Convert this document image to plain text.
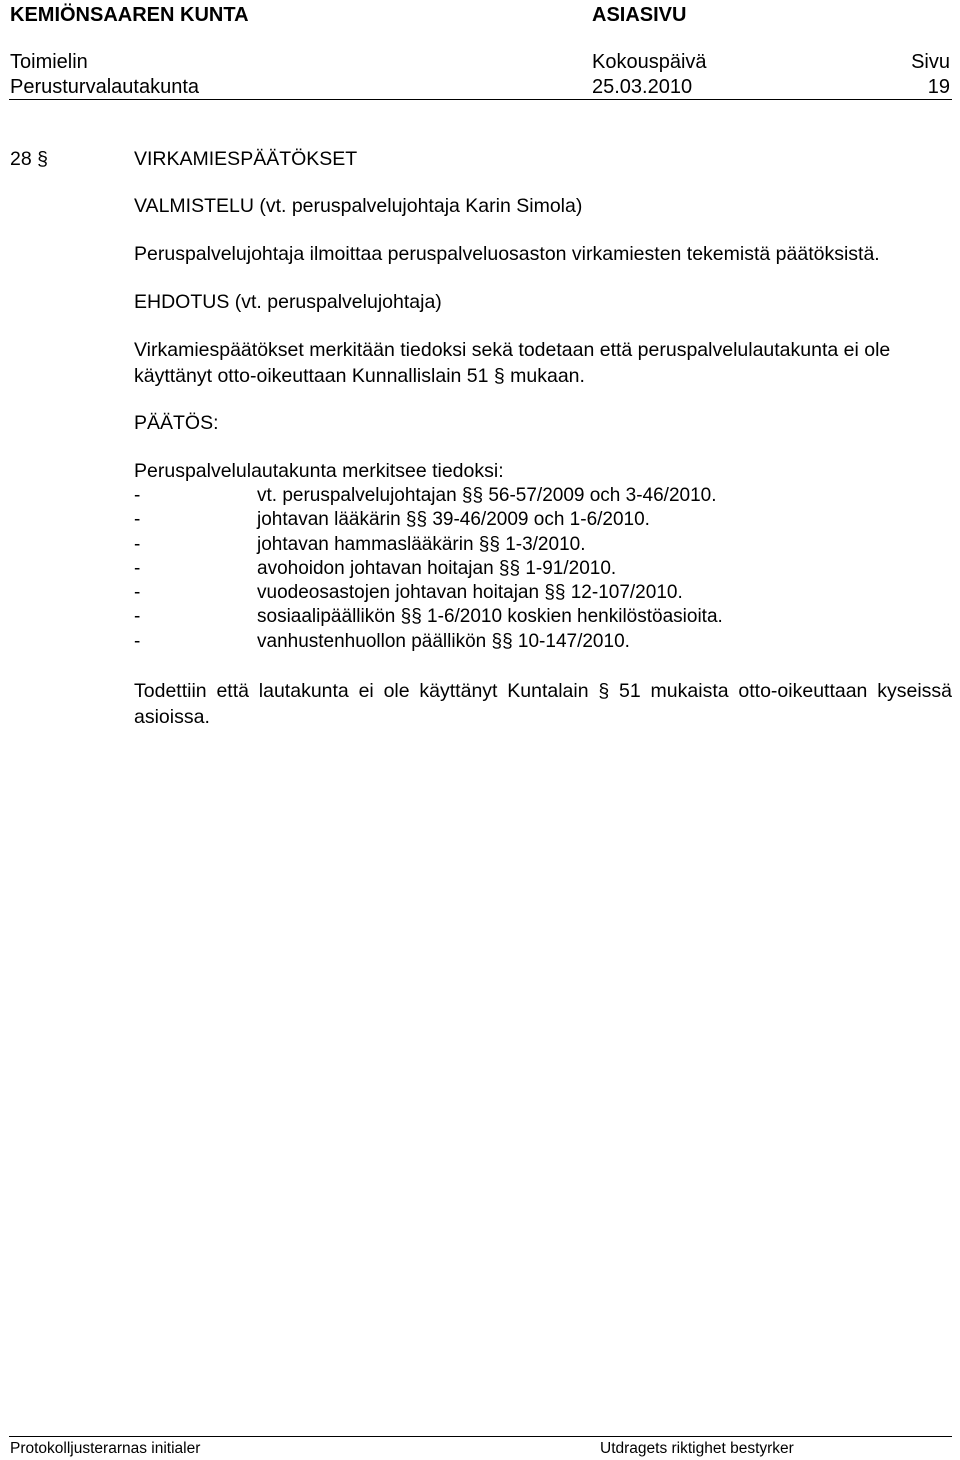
KEMIÖNSAAREN KUNTA	ASIASIVU
Toimielin	Kokouspäivä	Sivu
Perusturvalautakunta	25.03.2010	19
28 §	VIRKAMIESPÄÄTÖKSET
VALMISTELU (vt. peruspalvelujohtaja Karin Simola)
Peruspalvelujohtaja ilmoittaa peruspalveluosaston virkamiesten tekemistä päätöksistä.
EHDOTUS (vt. peruspalvelujohtaja)
Virkamiespäätökset merkitään tiedoksi sekä todetaan että peruspalvelulautakunta ei ole
käyttänyt otto-oikeuttaan Kunnallislain 51 § mukaan.
PÄÄTÖS:
Peruspalvelulautakunta merkitsee tiedoksi:
-	vt. peruspalvelujohtajan §§ 56-57/2009 och 3-46/2010.
-	johtavan lääkärin §§ 39-46/2009 och 1-6/2010.
-	johtavan hammaslääkärin §§ 1-3/2010.
-	avohoidon johtavan hoitajan §§ 1-91/2010.
-	vuodeosastojen johtavan hoitajan §§ 12-107/2010.
-	sosiaalipäällikön §§ 1-6/2010 koskien henkilöstöasioita.
-	vanhustenhuollon päällikön §§ 10-147/2010.
Todettiin että lautakunta ei ole käyttänyt Kuntalain § 51 mukaista otto-oikeuttaan kyseissä asioissa.
Protokolljusterarnas initialer	Utdragets riktighet bestyrker
